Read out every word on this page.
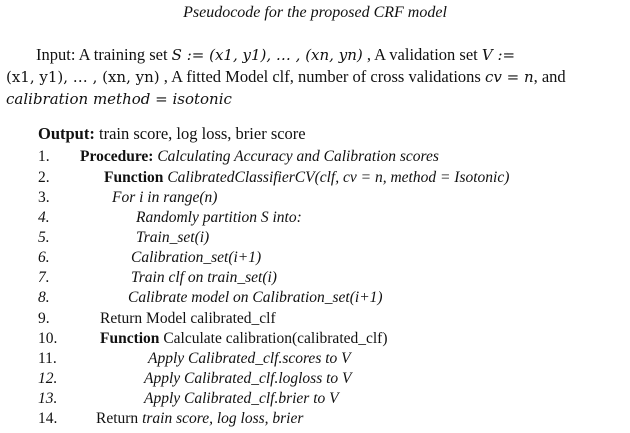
Pseudocode for the proposed CRF model
Input: A training set S := (x1, y1), … , (xn, yn) , A validation set V :=
(x1, y1), … , (xn, yn) , A fitted Model clf, number of cross validations cv = n, and
calibration method = isotonic
Output: train score, log loss, brier score
1. Procedure: Calculating Accuracy and Calibration scores
2.	Function CalibratedClassifierCV(clf, cv = n, method = Isotonic)
3.	For i in range(n)
4.	Randomly partition S into:
5.	Train_set(i)
6.	Calibration_set(i+1)
7.	Train clf on train_set(i)
8.	Calibrate model on Calibration_set(i+1)
9.	Return Model calibrated_clf
10.	Function Calculate calibration(calibrated_clf)
11.	Apply Calibrated_clf.scores to V
12.	Apply Calibrated_clf.logloss to V
13.	Apply Calibrated_clf.brier to V
14. Return train score, log loss, brier
